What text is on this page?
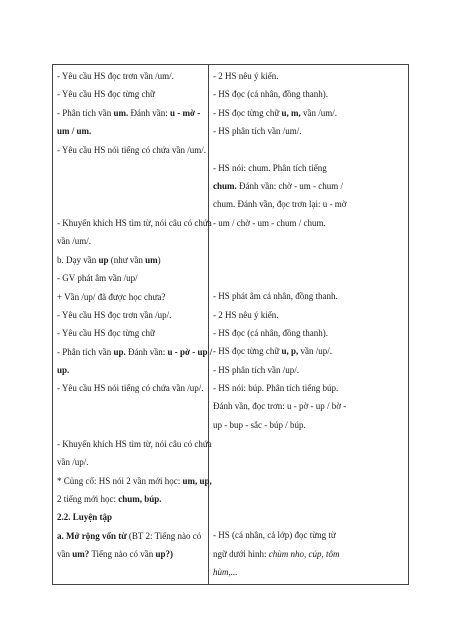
- Yêu cầu HS đọc trơn vần /um/.
- Yêu cầu HS đọc từng chữ
- Phân tích vần um. Đánh vần: u - mờ -
um / um.
- Yêu cầu HS nói tiếng có chứa vần /um/.
- Khuyến khích HS tìm từ, nói câu có chứa
vần /um/.
b. Dạy vần up (như vần um)
- GV phát âm vần /up/
+ Vần /up/ đã được học chưa?
- Yêu cầu HS đọc trơn vần /up/.
- Yêu cầu HS đọc từng chữ
- Phân tích vần up. Đánh vần: u - pờ - up /
up.
- Yêu cầu HS nói tiếng có chứa vần /up/.
- Khuyến khích HS tìm từ, nói câu có chứa
vần /up/.
* Củng cố: HS nói 2 vần mới học: um, up,
2 tiếng mới học: chum, búp.
2.2. Luyện tập
a. Mở rộng vốn từ (BT 2: Tiếng nào có
vần um? Tiếng nào có vần up?)
- 2 HS nêu ý kiến.
- HS đọc (cá nhân, đồng thanh).
- HS đọc từng chữ u, m, vần /um/.
- HS phân tích vần /um/.
- HS nói: chum. Phân tích tiếng
chum. Đánh vần: chờ - um - chum /
chum. Đánh vần, đọc trơn lại: u - mờ
- um / chờ - um - chum / chum.
- HS phát âm cá nhân, đồng thanh.
- 2 HS nêu ý kiến.
- HS đọc (cá nhân, đồng thanh).
- HS đọc từng chữ u, p, vần /up/.
- HS phân tích vần /up/.
- HS nói: búp. Phân tích tiếng búp.
Đánh vần, đọc trơn: u - pờ - up / bờ -
up - bup - sắc - búp / búp.
- HS (cá nhân, cả lớp) đọc từng từ
ngữ dưới hình: chùm nho, cúp, tôm
hùm,...
